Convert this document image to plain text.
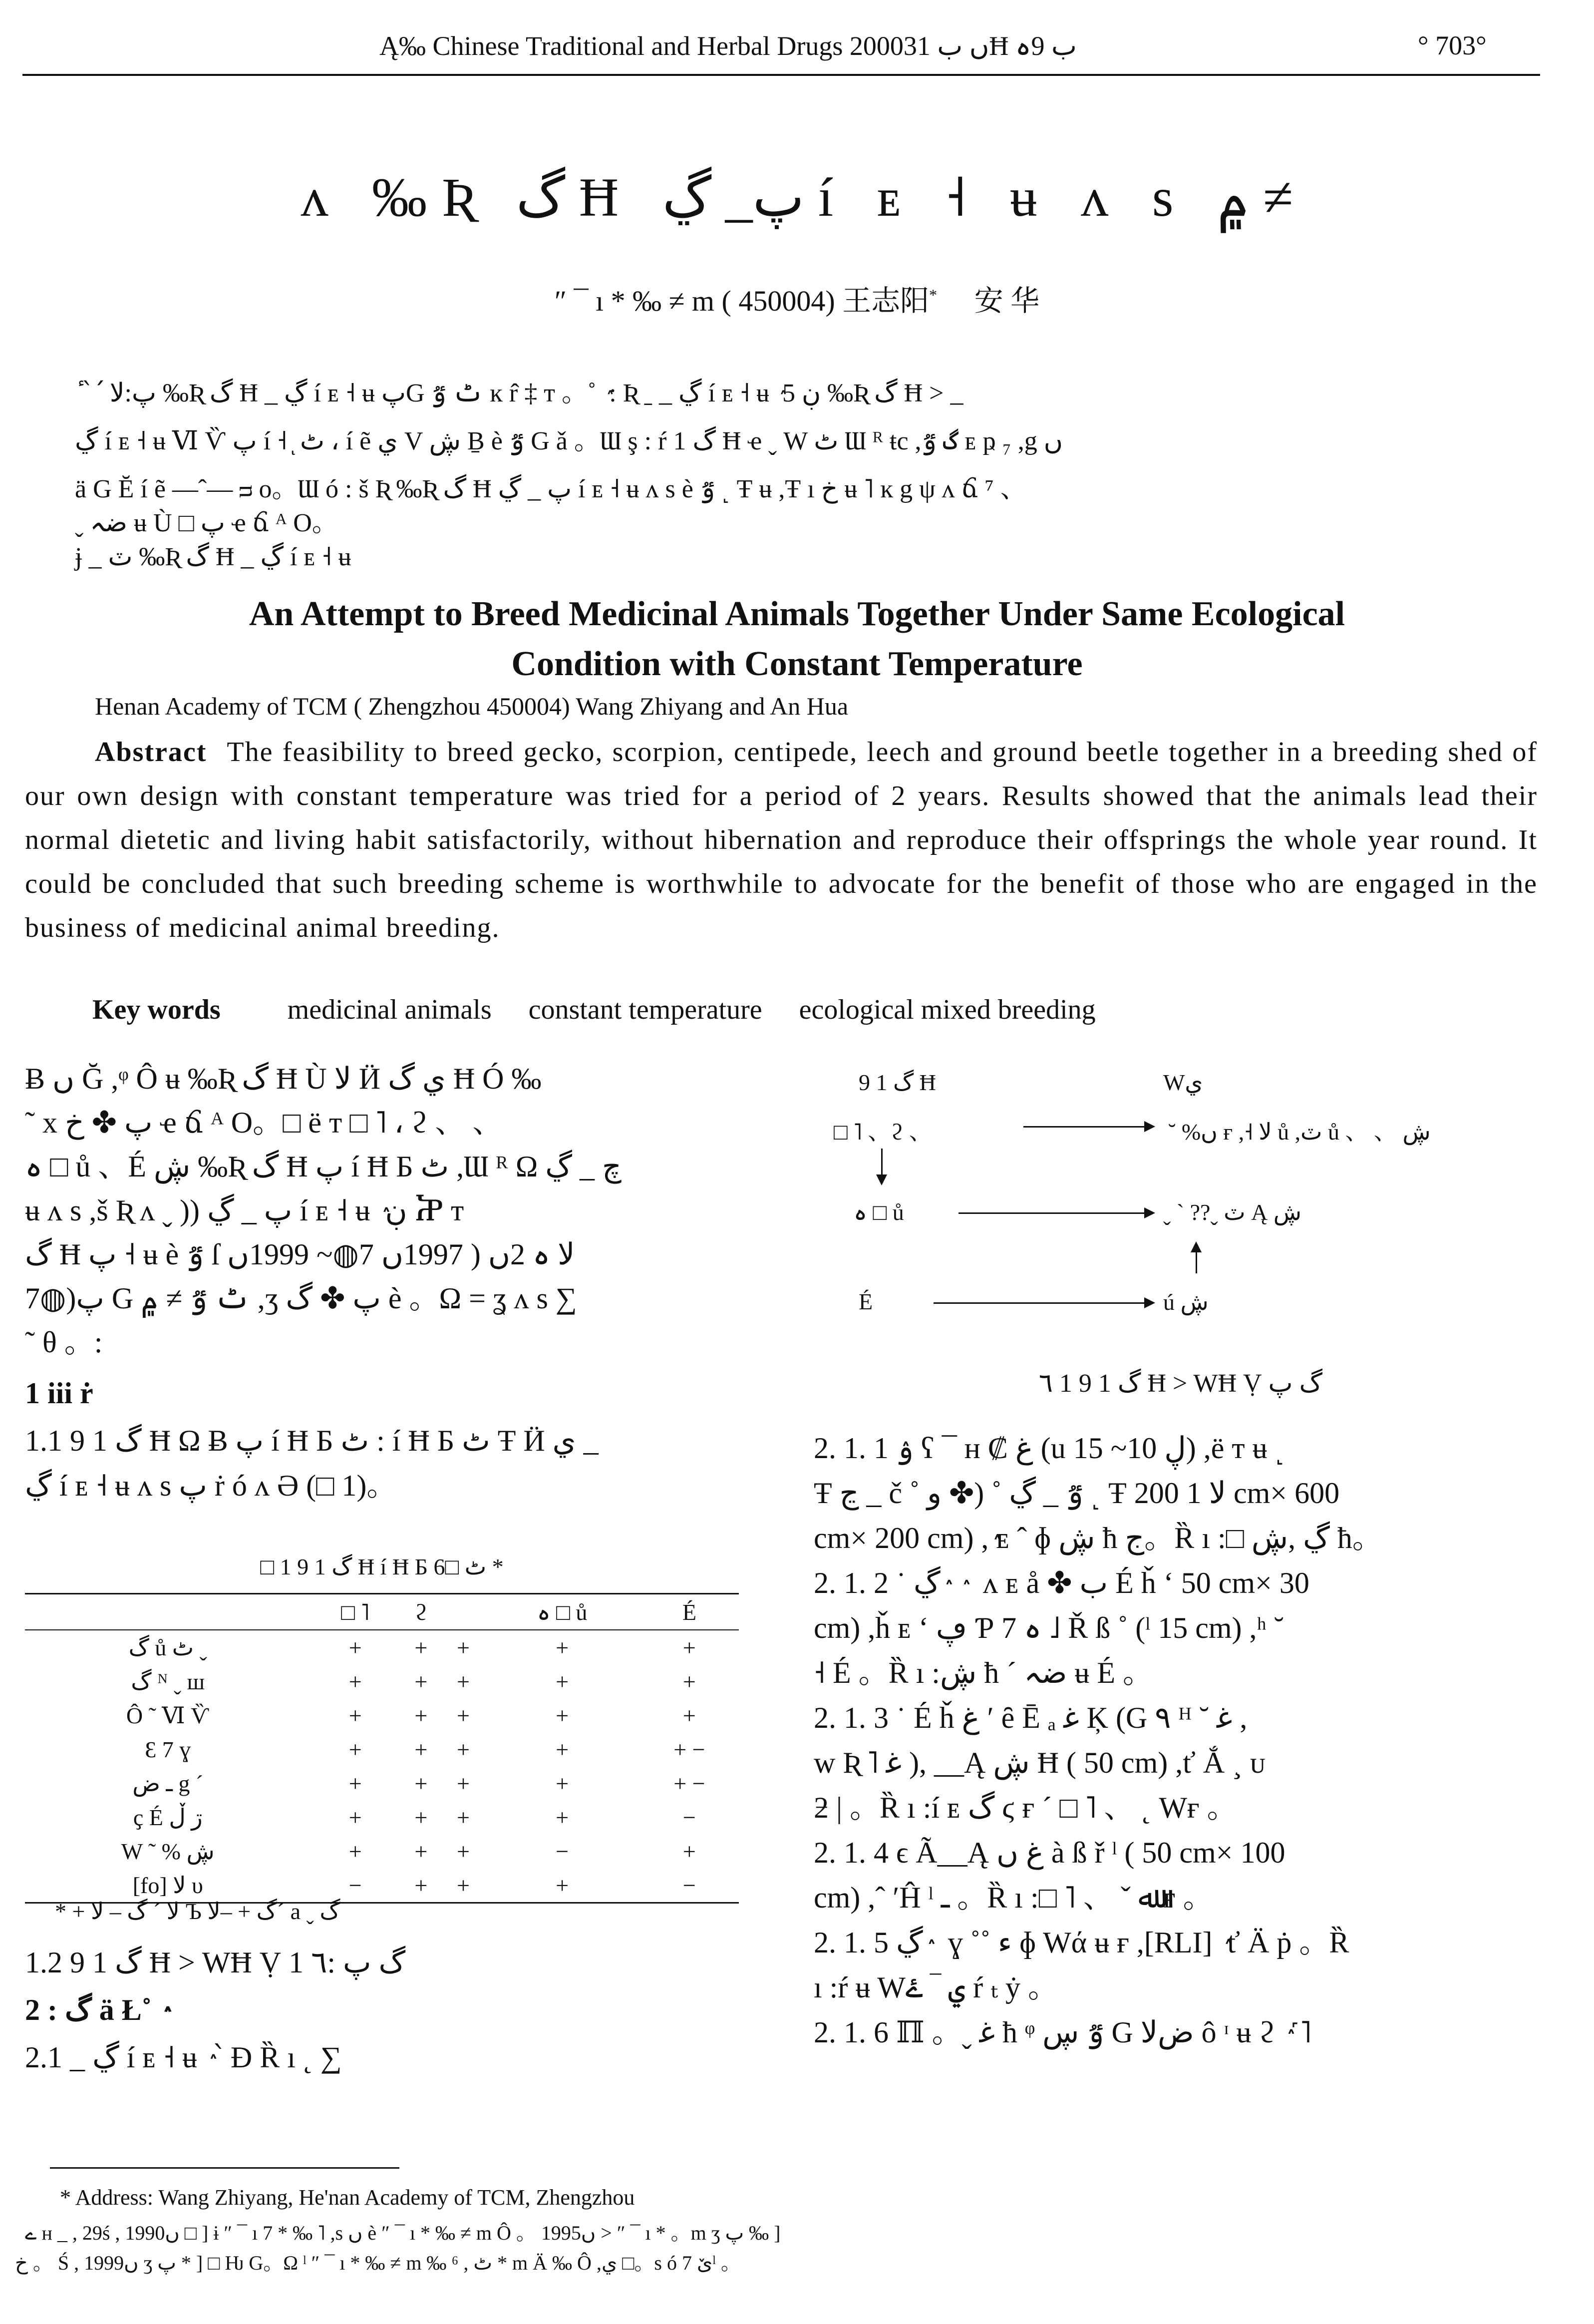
Ą‰ Chinese Traditional and Herbal Drugs 2000ں ب 31Ħ ب 9ہ	° 703°
ʌ ‰Ʀ گ Ħ پ_ ڲ í ᴇ ˧ ʉ ʌ s ۾ ≠
″ ¯ ı * ‰ ≠ m ( 450004) 王志阳* 安 华
ٔ ՝ ՛ پ:ﻻ ‰Ʀ گ Ħ _ ڲ í ᴇ ˧ ʉ پG ٹ ٷ ĸ r̂ ‡ т 。˚ ٛ : Ʀ ˍ _ ڲ í ᴇ ˧ ʉ ٛ ڹ 5 ‰Ʀ گ Ħ > _
ڲ í ᴇ ˧ ʉ Ⅵ Ѷ پ í ˧ ͅ ٹ ، í ẽ ي V ڜ Ḇ è ٷ G ǎ 。Ɯ ş : ŕ 1 گ Ħ ҽ ˬ W ٹ Ɯ ᴿ ŧc ,گ ٷ ᴇ ҏ ₇ ,g ں
ä G Ĕ í ẽ —ˆ— ᴝ ᴏ。Ɯ ó : š Ʀ ‰Ʀ گ Ħ پ _ ڲ í ᴇ ˧ ʉ ʌ s è ٷ ˻ Ŧ ʉ ,Ŧ ı خ ʉ ˥ ĸ g ψ ʌ ճ ⁷ 、
ˬ ضہ ʉ Ù □ پ ҽ ճ ᴬ O。
ɉ _ ٽ ‰Ʀ گ Ħ _ ڲ í ᴇ ˧ ʉ
An Attempt to Breed Medicinal Animals Together Under Same Ecological
Condition with Constant Temperature
Henan Academy of TCM ( Zhengzhou 450004) Wang Zhiyang and An Hua
Abstract The feasibility to breed gecko, scorpion, centipede, leech and ground beetle together in a breeding shed of our own design with constant temperature was tried for a period of 2 years. Results showed that the animals lead their normal dietetic and living habit satisfactorily, without hibernation and reproduce their offsprings the whole year round. It could be concluded that such breeding scheme is worthwhile to advocate for the benefit of those who are engaged in the business of medicinal animal breeding.
Key words medicinal animals constant temperature ecological mixed breeding
Ƀ ں Ğ ,ᵠ Ô ʉ ‰Ʀ گ Ħ Ù ﻻ Ӥ ي گ Ħ Ó ‰
˜ x پ ✤ خ ҽ ճ ᴬ O。□ ë т □ ˥ ، ϩ 、 、
ہ □ ů 、É ڜ ‰Ʀ گ Ħ پ í Ħ Б ٹ ,Ɯ ᴿ Ω چ _ ڲ
ʉ ʌ s ,š Ʀ ʌ ˬ )) پ _ ڲ í ᴇ ˧ ʉ ٛ ڹ Ⴟ т
گ Ħ پ ˧ ʉ è ٷ ſ ﻻ ہ 2ں ( 1997ں 7◍~ 1999ں
7◍)پ G ٹ ٷ ≠ ۾ ,ʒ پ ✤ گ è 。Ω = ʓ ʌ s ∑
˜ θ 。:
1 iii ṙ
1.1 9 1 گ Ħ Ω Ƀ پ í Ħ Б ٹ : í Ħ Б ٹ Ŧ Ӥ ي _
ڲ í ᴇ ˧ ʉ ʌ s پ ṙ ó ʌ Ә (□ 1)。
□ 1 9 1 گ Ħ í Ħ Б ٹ □6 *
	□ ˥	ϩ		ہ □ ů	É
گ ů ٹ ˬ	+	+	+	+	+
گ ᴺ ˬ ш	+	+	+	+	+
Ô ˜ Ⅵ Ѷ	+	+	+	+	+
Ɛ 7 ɣ	+	+	+	+	+ −
ـ ض g ´	+	+	+	+	+ −
ҫ É ڗ ڵ	+	+	+	+	−
W ˜ % ڜ	+	+	+	−	+
[fo] ﻻ υ	−	+	+	+	−
* + ﻻ ´ گ – ﻻ Ъ گ + –ﻻ´ a ˬ گ
1.2 9 1 گ Ħ > WĦ Ṿ گ پ :٦ 1
2 : گ ä Ł˚ ٛ
2.1 _ ڲ í ᴇ ˧ ʉ ٛ ՝ Ɖ Ȑ ı ˛ ∑
9 1 گ Ħ	Wي
□ ˥ 、ϩ 、	˘ %ں ғ ,˧ ﻻ ů ,ٽ ů 、 、 ڜ
ہ □ ů	ˬ ˋ ??ˬ ٽ Ą ڜ
É	ú ڜ
٦ 1 9 1 گ Ħ > WĦ Ṿ گ پ
2. 1. 1 ۉ ʕ ¯ ʜ ₡ ﻍ (u ڸ 10~ 15) ,ë т ʉ ˻
Ŧ ڃ _ č ˚ ٷ _ ڲ ˚ (✤ ﻭ ˻ Ŧ ﻻ 1 200 cm× 600
cm× 200 cm) ,ٛ ᴇ ˆ ɸ ڜ ħ ج。Ȑ ı :□ ڲ ,ڜ ħ。
2. 1. 2 ˙ ڲ ٛ ٛ ʌ ᴇ å ✤ ب É ȟ ʻ 50 cm× 30
cm) ,ȟ ᴇ ʻ ڥ Ƥ 7 ہ ˩ Ř ß ˚ (ˡ 15 cm) ,ʰ ˘
˧ É 。Ȑ ı :ڜ ħ ´ ضہ ʉ É 。
2. 1. 3 ˙ É ȟ ﻍ ʹ ȇ Ē ₐ ﻏ Ķ (G ۹ ᴴ ˘ ﻏ ,
w Ʀ ˥ ﻏ ), __Ą ڜ Ħ ( 50 cm) ,ť Ắ ¸ ᴜ
ƻ | 。Ȑ ı :í ᴇ گ ϛ ғ ´ □ ˥ 、 ˛ Wғ 。
2. 1. 4 ϵ Ã__Ą ﻍ ں à ß ř ˡ ( 50 cm× 100
cm) ,ˆ ′Ĥ ˡ ـ 。Ȑ ı :□ ˥ 、 ˇ ﷲ ғ 。
2. 1. 5 ڲ ٛ ɣ ˚˚ ء ɸ Wά ʉ ғ ,[RLI] ٛ ť Ä ṗ 。Ȑ
ı :ŕ ʉ Wي ‾ ۓ ŕ ₜ ẏ 。
2. 1. 6 ℿ 。ˬ ﻏ ħ ᵠ ٷ ڛ G ضﻻ ô ᶦ ʉ ϩ ٛ ˹˥
* Address: Wang Zhiyang, He'nan Academy of TCM, Zhengzhou
ے ʜ _ , 29ś , 1990ں □ ] ɨ ″ ¯ ı 7 * ‰ ˥ ,s ں è ″ ¯ ı * ‰ ≠ m Ô 。 1995ں > ″ ¯ ı * 。m ʒ پ ‰ ]
خ 。 Ś , 1999ں ʒ پ * ] □ Ƕ G。Ω ˡ ″ ¯ ı * ‰ ≠ m ‰ ⁶ , ٹ * m Ä ‰ Ô ,ي □。s ó ێ 7ˡ 。
